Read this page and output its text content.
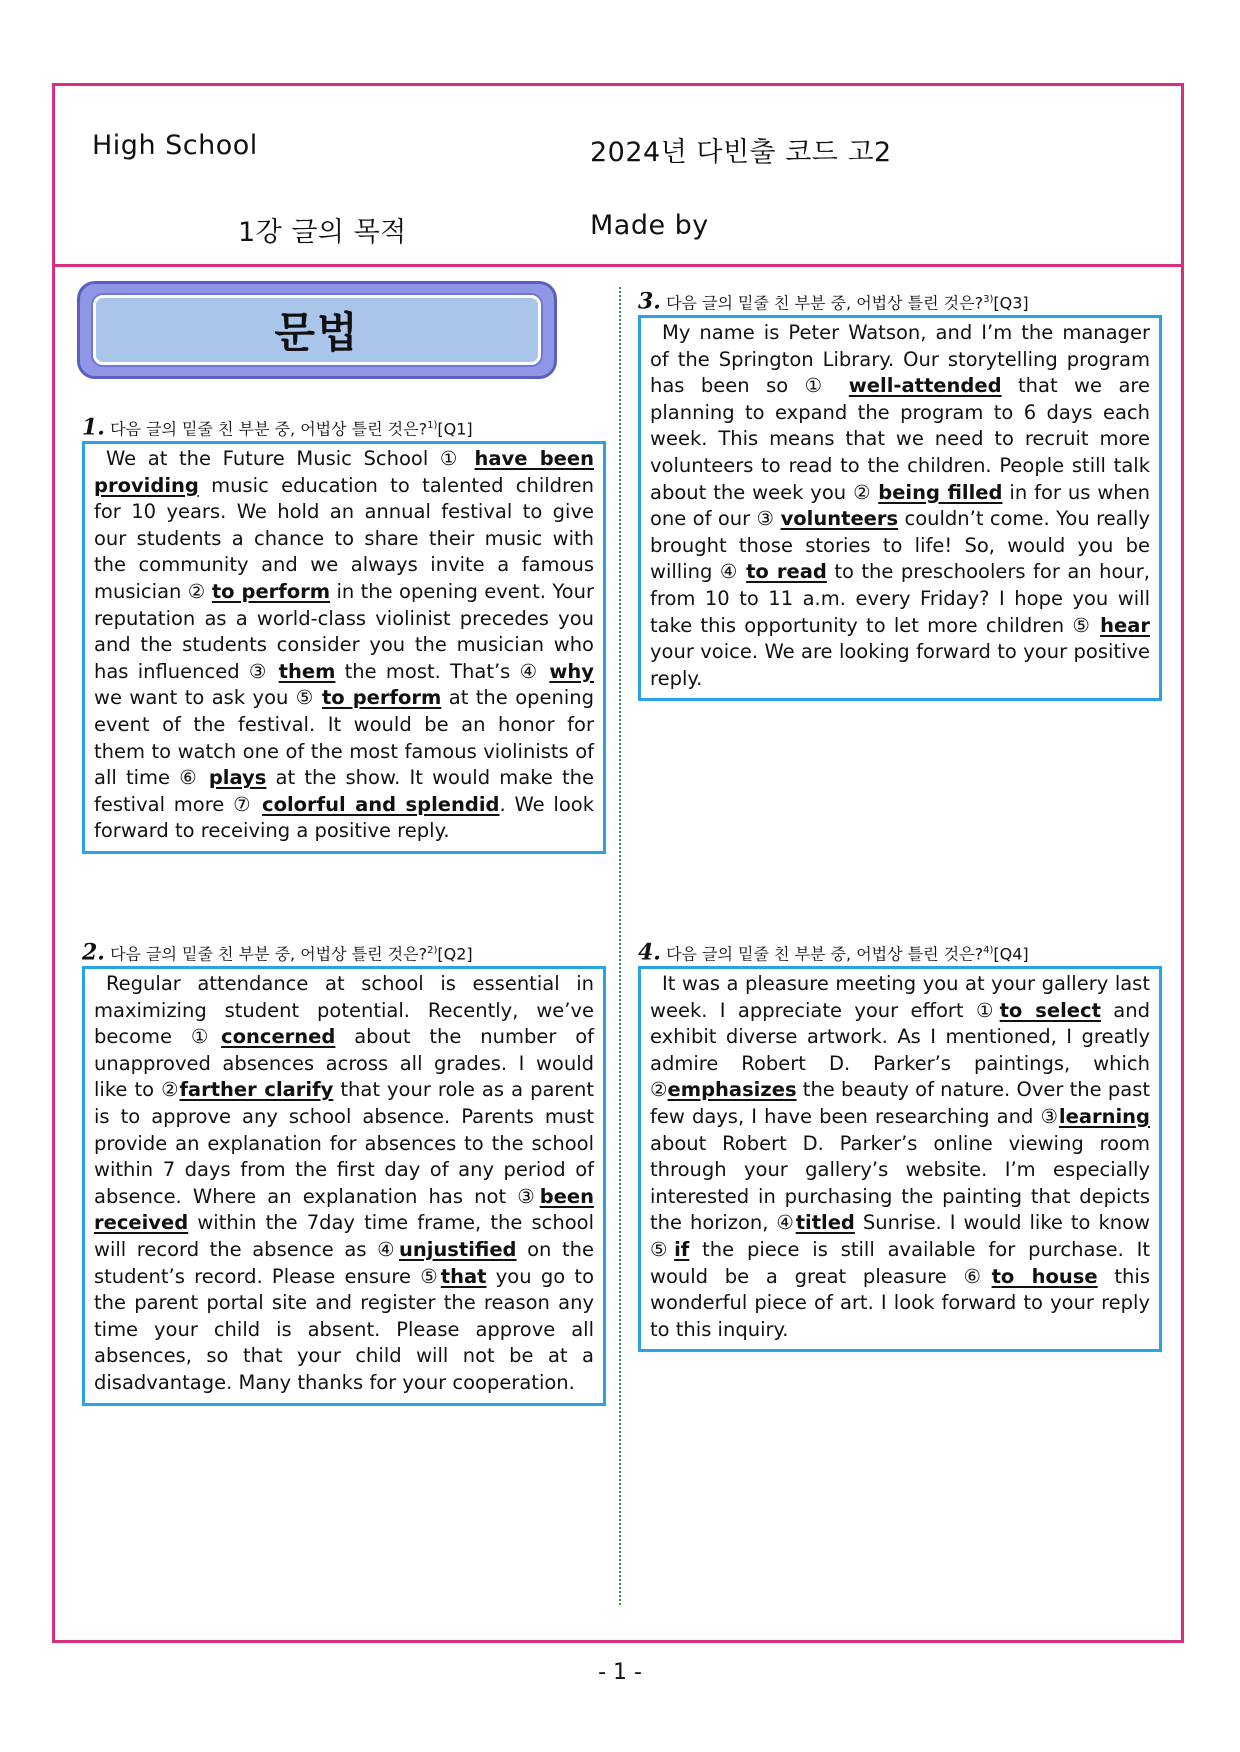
High School	2024년 다빈출 코드 고2
1강 글의 목적	Made by
문법
1. 다음 글의 밑줄 친 부분 중, 어법상 틀린 것은?$^{1)}$[Q1]
We at the Future Music School ① have been providing music education to talented children for 10 years. We hold an annual festival to give our students a chance to share their music with the community and we always invite a famous musician ② to perform in the opening event. Your reputation as a world-class violinist precedes you and the students consider you the musician who has influenced ③ them the most. That’s ④ why we want to ask you ⑤ to perform at the opening event of the festival. It would be an honor for them to watch one of the most famous violinists of all time ⑥ plays at the show. It would make the festival more ⑦ colorful and splendid. We look forward to receiving a positive reply.
2. 다음 글의 밑줄 친 부분 중, 어법상 틀린 것은?$^{2)}$[Q2]
Regular attendance at school is essential in maximizing student potential. Recently, we’ve become ①concerned about the number of unapproved absences across all grades. I would like to ②farther clarify that your role as a parent is to approve any school absence. Parents must provide an explanation for absences to the school within 7 days from the first day of any period of absence. Where an explanation has not ③been received within the 7day time frame, the school will record the absence as ④unjustified on the student’s record. Please ensure ⑤that you go to the parent portal site and register the reason any time your child is absent. Please approve all absences, so that your child will not be at a disadvantage. Many thanks for your cooperation.
3. 다음 글의 밑줄 친 부분 중, 어법상 틀린 것은?$^{3)}$[Q3]
My name is Peter Watson, and I’m the manager of the Springton Library. Our storytelling program has been so ① well-attended that we are planning to expand the program to 6 days each week. This means that we need to recruit more volunteers to read to the children. People still talk about the week you ② being filled in for us when one of our ③ volunteers couldn’t come. You really brought those stories to life! So, would you be willing ④ to read to the preschoolers for an hour, from 10 to 11 a.m. every Friday? I hope you will take this opportunity to let more children ⑤ hear your voice. We are looking forward to your positive reply.
4. 다음 글의 밑줄 친 부분 중, 어법상 틀린 것은?$^{4)}$[Q4]
It was a pleasure meeting you at your gallery last week. I appreciate your effort ①to select and exhibit diverse artwork. As I mentioned, I greatly admire Robert D. Parker’s paintings, which ②emphasizes the beauty of nature. Over the past few days, I have been researching and ③learning about Robert D. Parker’s online viewing room through your gallery’s website. I’m especially interested in purchasing the painting that depicts the horizon, ④titled Sunrise. I would like to know ⑤if the piece is still available for purchase. It would be a great pleasure ⑥to house this wonderful piece of art. I look forward to your reply to this inquiry.
- 1 -
